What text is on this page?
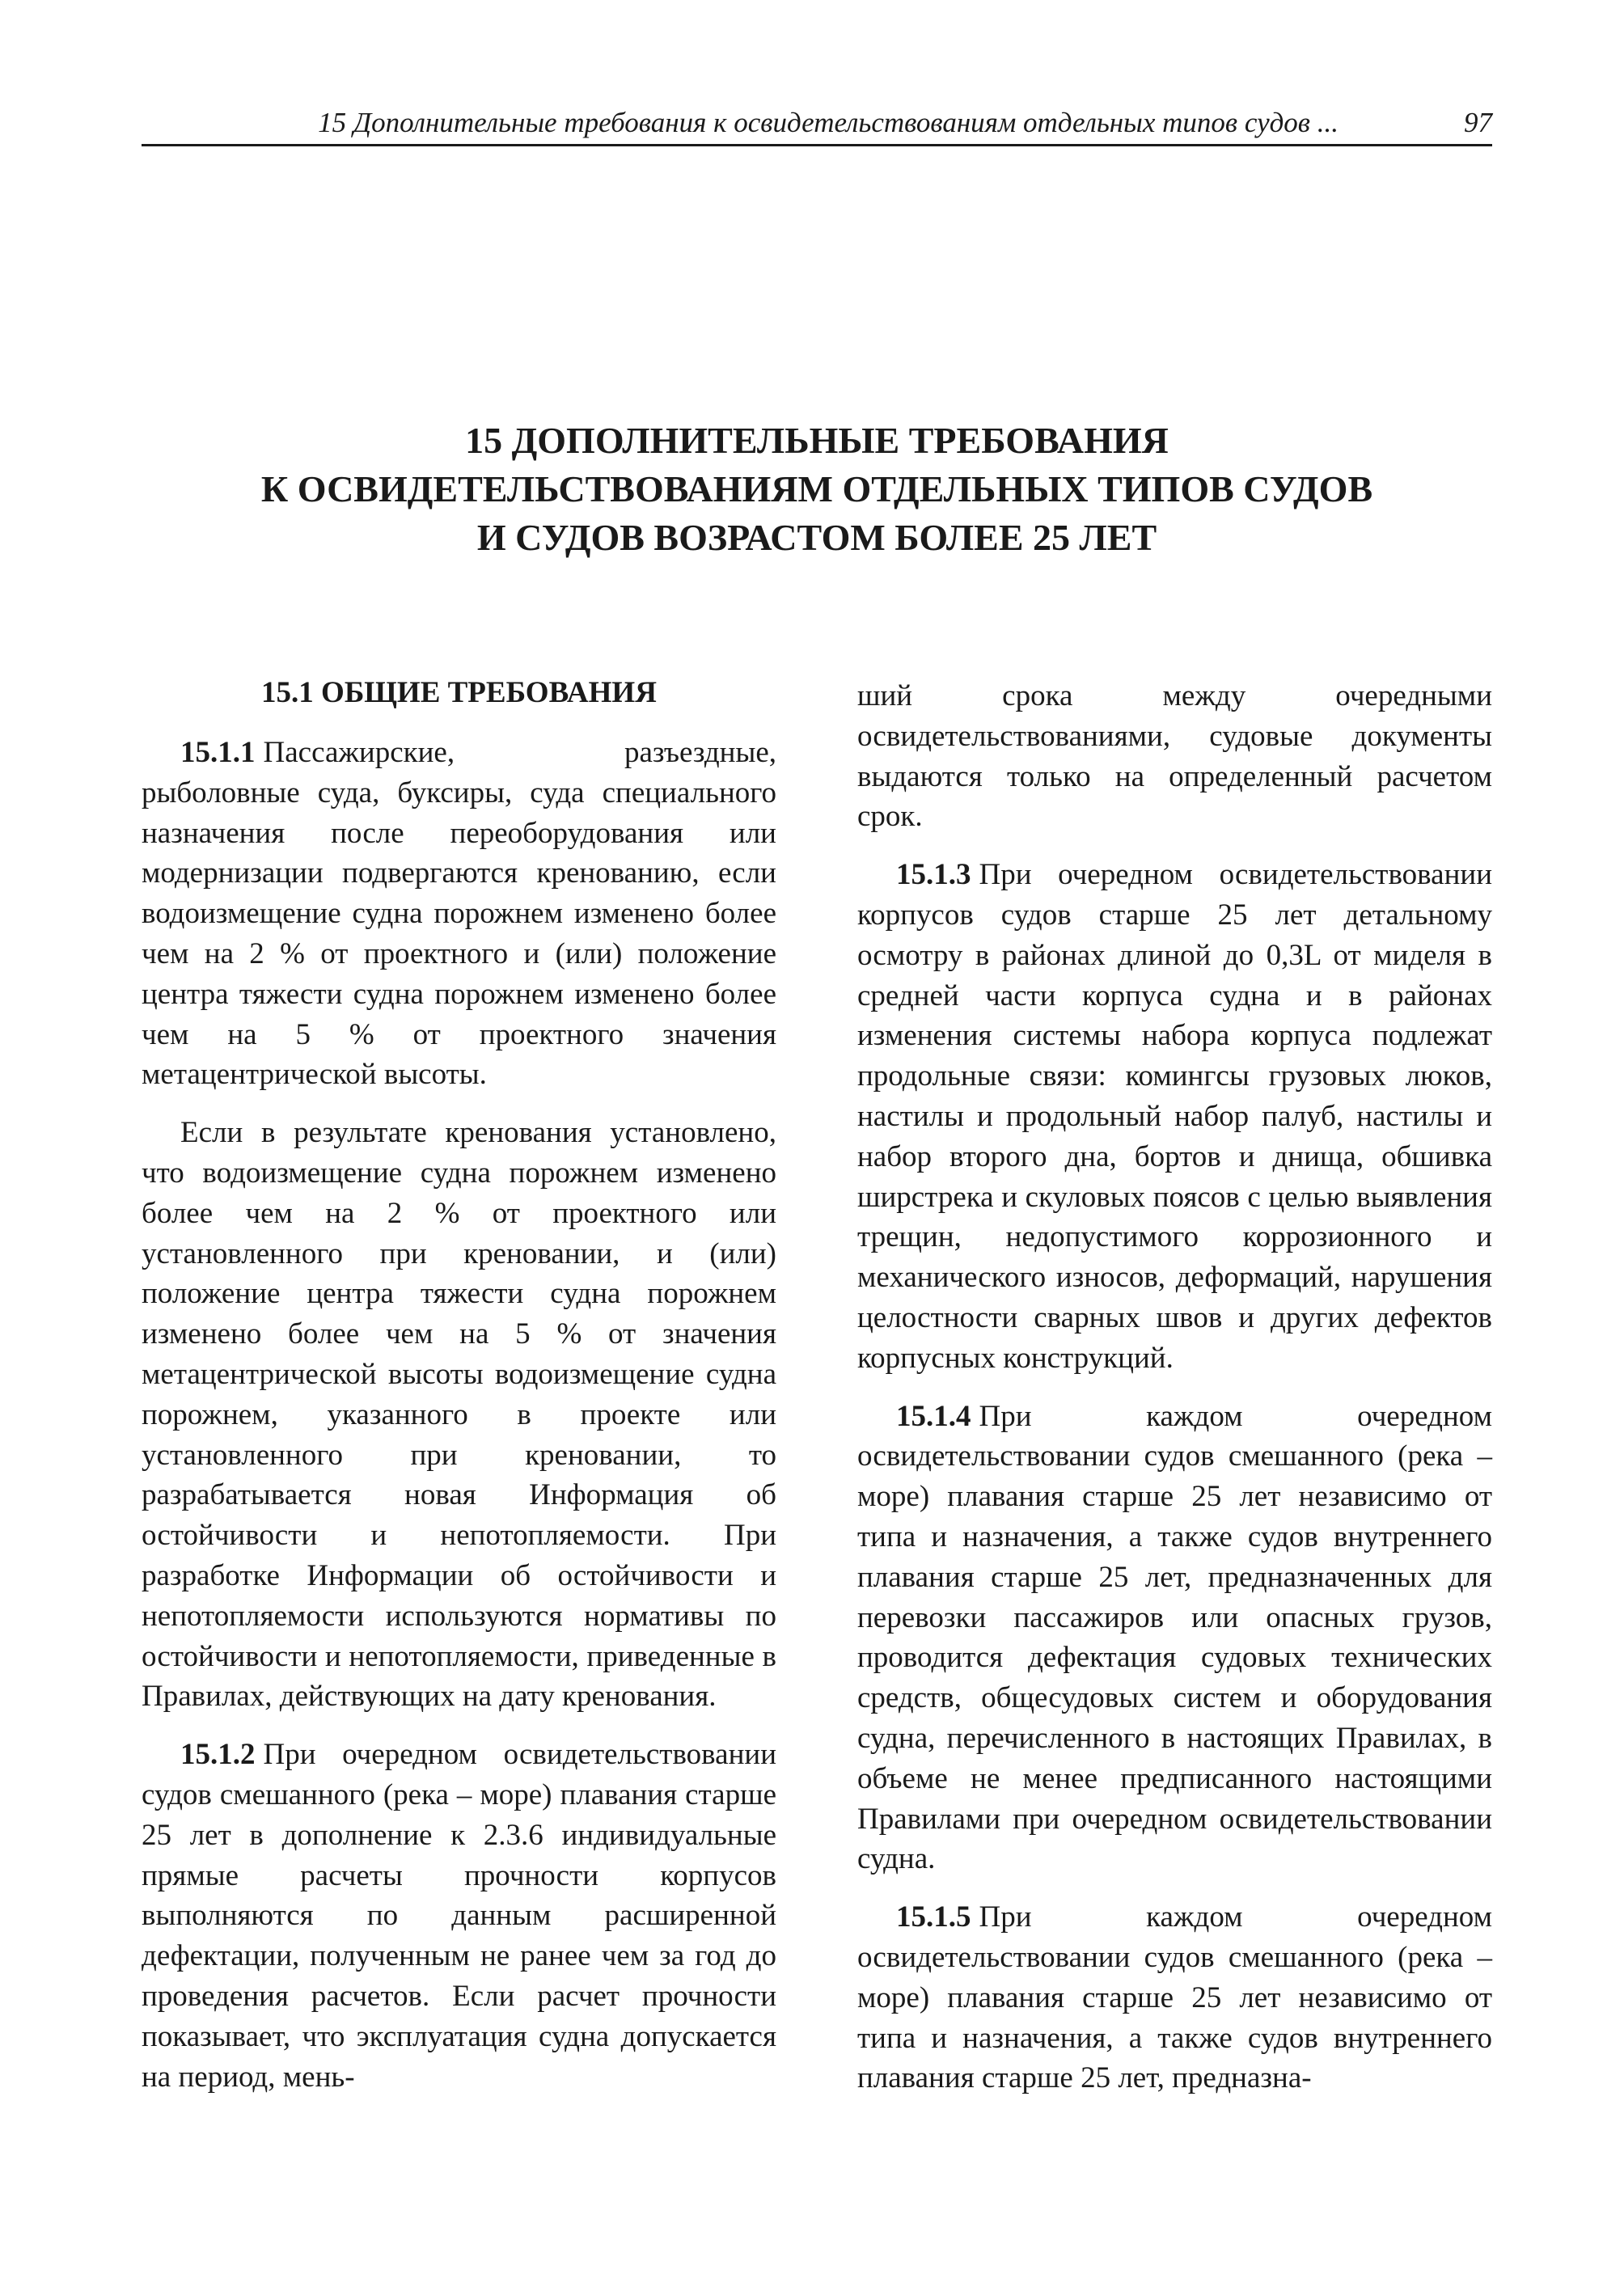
15 Дополнительные требования к освидетельствованиям отдельных типов судов ...	97
15 ДОПОЛНИТЕЛЬНЫЕ ТРЕБОВАНИЯ
К ОСВИДЕТЕЛЬСТВОВАНИЯМ ОТДЕЛЬНЫХ ТИПОВ СУДОВ
И СУДОВ ВОЗРАСТОМ БОЛЕЕ 25 ЛЕТ
15.1 ОБЩИЕ ТРЕБОВАНИЯ

15.1.1 Пассажирские, разъездные, рыболовные суда, буксиры, суда специального назначения после переоборудования или модернизации подвергаются кренованию, если водоизмещение судна порожнем изменено более чем на 2 % от проектного и (или) положение центра тяжести судна порожнем изменено более чем на 5 % от проектного значения метацентрической высоты.

Если в результате кренования установлено, что водоизмещение судна порожнем изменено более чем на 2 % от проектного или установленного при креновании, и (или) положение центра тяжести судна порожнем изменено более чем на 5 % от значения метацентрической высоты водоизмещение судна порожнем, указанного в проекте или установленного при креновании, то разрабатывается новая Информация об остойчивости и непотопляемости. При разработке Информации об остойчивости и непотопляемости используются нормативы по остойчивости и непотопляемости, приведенные в Правилах, действующих на дату кренования.

15.1.2 При очередном освидетельствовании судов смешанного (река – море) плавания старше 25 лет в дополнение к 2.3.6 индивидуальные прямые расчеты прочности корпусов выполняются по данным расширенной дефектации, полученным не ранее чем за год до проведения расчетов. Если расчет прочности показывает, что эксплуатация судна допускается на период, мень-

ший срока между очередными освидетельствованиями, судовые документы выдаются только на определенный расчетом срок.

15.1.3 При очередном освидетельствовании корпусов судов старше 25 лет детальному осмотру в районах длиной до 0,3L от миделя в средней части корпуса судна и в районах изменения системы набора корпуса подлежат продольные связи: комингсы грузовых люков, настилы и продольный набор палуб, настилы и набор второго дна, бортов и днища, обшивка ширстрека и скуловых поясов с целью выявления трещин, недопустимого коррозионного и механического износов, деформаций, нарушения целостности сварных швов и других дефектов корпусных конструкций.

15.1.4 При каждом очередном освидетельствовании судов смешанного (река – море) плавания старше 25 лет независимо от типа и назначения, а также судов внутреннего плавания старше 25 лет, предназначенных для перевозки пассажиров или опасных грузов, проводится дефектация судовых технических средств, общесудовых систем и оборудования судна, перечисленного в настоящих Правилах, в объеме не менее предписанного настоящими Правилами при очередном освидетельствовании судна.

15.1.5 При каждом очередном освидетельствовании судов смешанного (река – море) плавания старше 25 лет независимо от типа и назначения, а также судов внутреннего плавания старше 25 лет, предназна-
